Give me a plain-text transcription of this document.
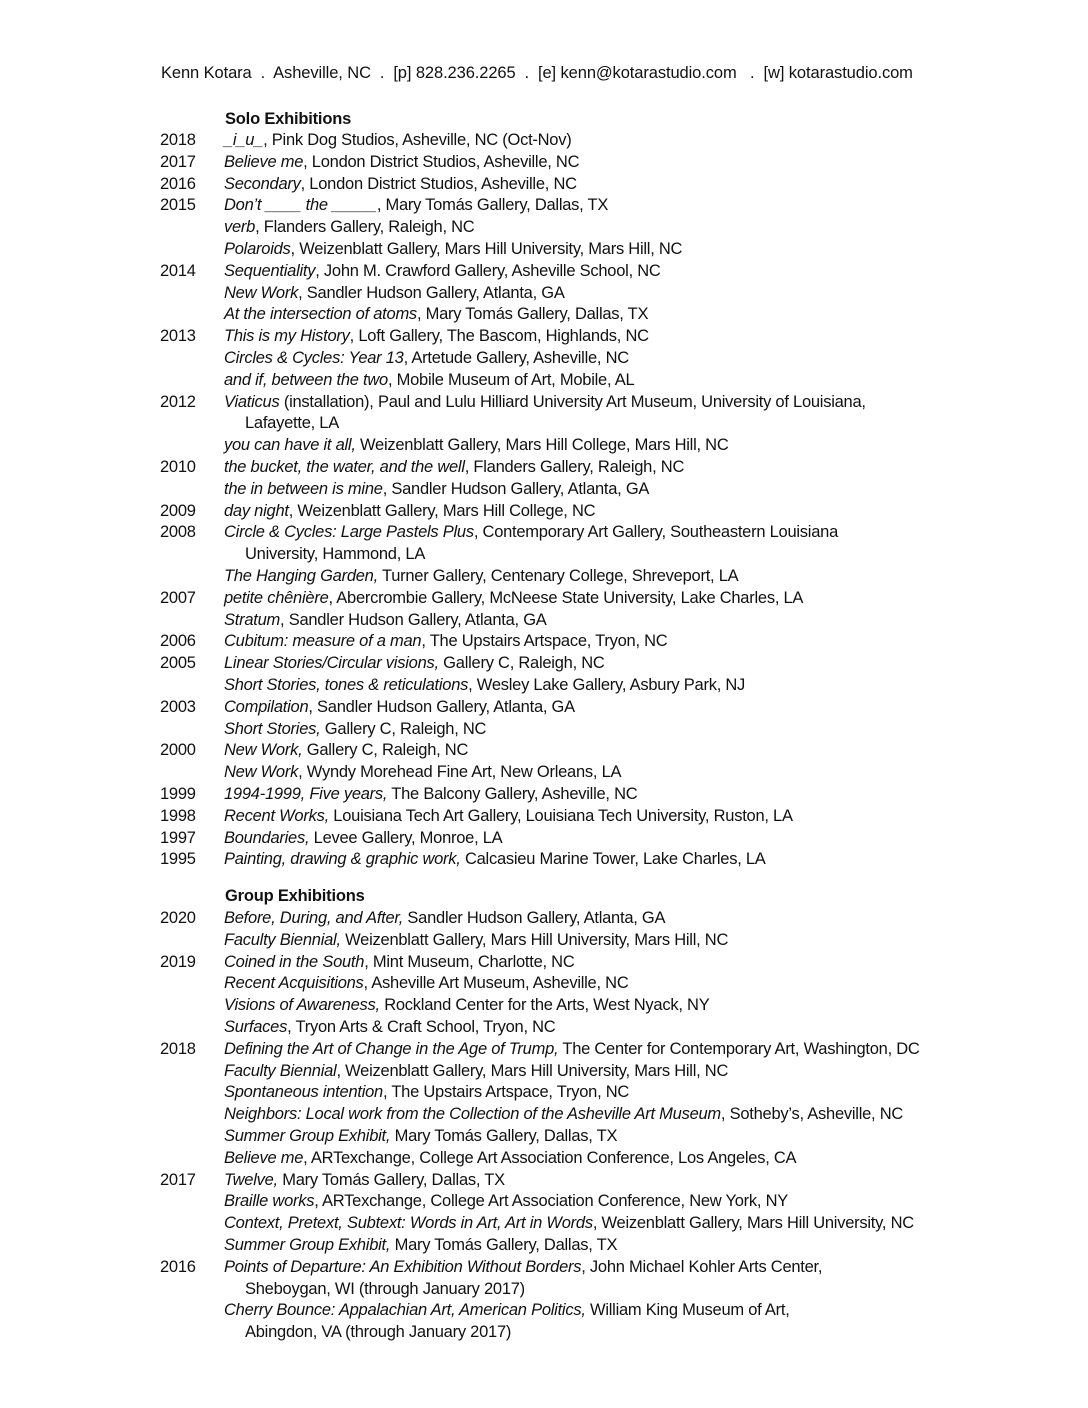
Kenn Kotara  .  Asheville, NC  .  [p] 828.236.2265  .  [e] kenn@kotarastudio.com   .  [w] kotarastudio.com
Solo Exhibitions
2018 _i_u_, Pink Dog Studios, Asheville, NC (Oct-Nov)
2017 Believe me, London District Studios, Asheville, NC
2016 Secondary, London District Studios, Asheville, NC
2015 Don’t ____ the _____, Mary Tomás Gallery, Dallas, TX
verb, Flanders Gallery, Raleigh, NC
Polaroids, Weizenblatt Gallery, Mars Hill University, Mars Hill, NC
2014 Sequentiality, John M. Crawford Gallery, Asheville School, NC
New Work, Sandler Hudson Gallery, Atlanta, GA
At the intersection of atoms, Mary Tomás Gallery, Dallas, TX
2013 This is my History, Loft Gallery, The Bascom, Highlands, NC
Circles & Cycles: Year 13, Artetude Gallery, Asheville, NC
and if, between the two, Mobile Museum of Art, Mobile, AL
2012 Viaticus (installation), Paul and Lulu Hilliard University Art Museum, University of Louisiana,
Lafayette, LA
you can have it all, Weizenblatt Gallery, Mars Hill College, Mars Hill, NC
2010 the bucket, the water, and the well, Flanders Gallery, Raleigh, NC
the in between is mine, Sandler Hudson Gallery, Atlanta, GA
2009 day night, Weizenblatt Gallery, Mars Hill College, NC
2008 Circle & Cycles: Large Pastels Plus, Contemporary Art Gallery, Southeastern Louisiana
University, Hammond, LA
The Hanging Garden, Turner Gallery, Centenary College, Shreveport, LA
2007 petite chênière, Abercrombie Gallery, McNeese State University, Lake Charles, LA
Stratum, Sandler Hudson Gallery, Atlanta, GA
2006 Cubitum: measure of a man, The Upstairs Artspace, Tryon, NC
2005 Linear Stories/Circular visions, Gallery C, Raleigh, NC
Short Stories, tones & reticulations, Wesley Lake Gallery, Asbury Park, NJ
2003 Compilation, Sandler Hudson Gallery, Atlanta, GA
Short Stories, Gallery C, Raleigh, NC
2000 New Work, Gallery C, Raleigh, NC
New Work, Wyndy Morehead Fine Art, New Orleans, LA
1999 1994-1999, Five years, The Balcony Gallery, Asheville, NC
1998 Recent Works, Louisiana Tech Art Gallery, Louisiana Tech University, Ruston, LA
1997 Boundaries, Levee Gallery, Monroe, LA
1995 Painting, drawing & graphic work, Calcasieu Marine Tower, Lake Charles, LA
Group Exhibitions
2020 Before, During, and After, Sandler Hudson Gallery, Atlanta, GA
Faculty Biennial, Weizenblatt Gallery, Mars Hill University, Mars Hill, NC
2019 Coined in the South, Mint Museum, Charlotte, NC
Recent Acquisitions, Asheville Art Museum, Asheville, NC
Visions of Awareness, Rockland Center for the Arts, West Nyack, NY
Surfaces, Tryon Arts & Craft School, Tryon, NC
2018 Defining the Art of Change in the Age of Trump, The Center for Contemporary Art, Washington, DC
Faculty Biennial, Weizenblatt Gallery, Mars Hill University, Mars Hill, NC
Spontaneous intention, The Upstairs Artspace, Tryon, NC
Neighbors: Local work from the Collection of the Asheville Art Museum, Sotheby’s, Asheville, NC
Summer Group Exhibit, Mary Tomás Gallery, Dallas, TX
Believe me, ARTexchange, College Art Association Conference, Los Angeles, CA
2017 Twelve, Mary Tomás Gallery, Dallas, TX
Braille works, ARTexchange, College Art Association Conference, New York, NY
Context, Pretext, Subtext: Words in Art, Art in Words, Weizenblatt Gallery, Mars Hill University, NC
Summer Group Exhibit, Mary Tomás Gallery, Dallas, TX
2016 Points of Departure: An Exhibition Without Borders, John Michael Kohler Arts Center,
Sheboygan, WI (through January 2017)
Cherry Bounce: Appalachian Art, American Politics, William King Museum of Art,
Abingdon, VA (through January 2017)
